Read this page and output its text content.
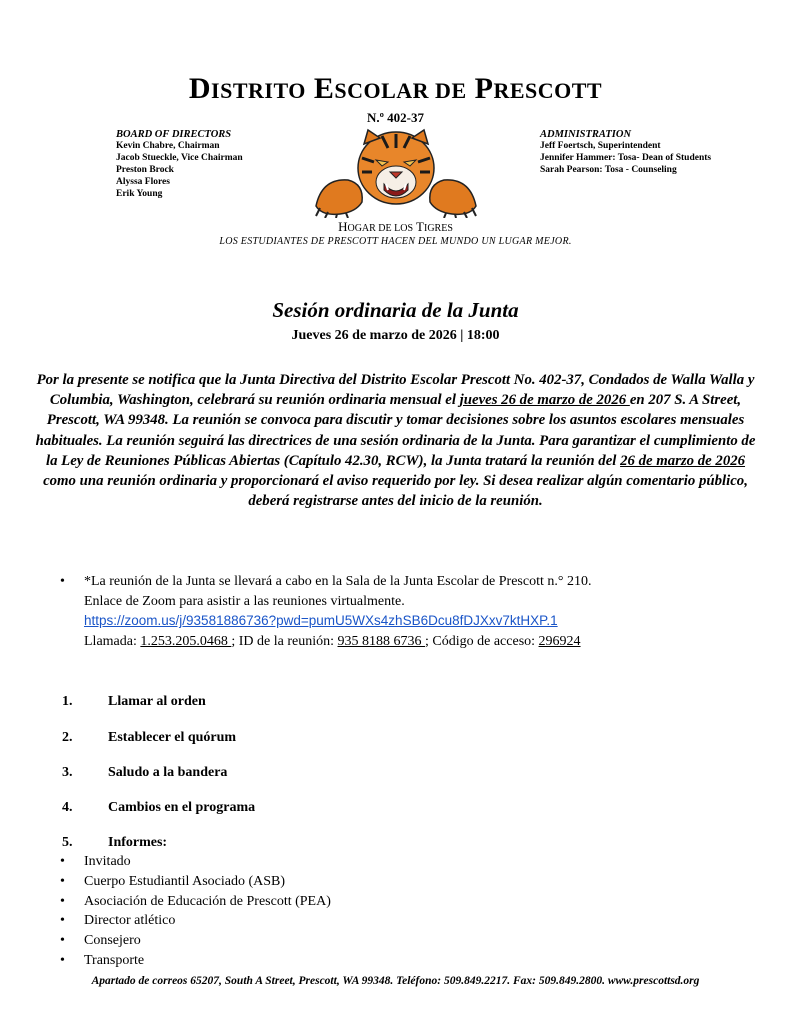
DISTRITO ESCOLAR DE PRESCOTT
N.º 402-37
BOARD OF DIRECTORS
Kevin Chabre, Chairman
Jacob Stueckle, Vice Chairman
Preston Brock
Alyssa Flores
Erik Young
ADMINISTRATION
Jeff Foertsch, Superintendent
Jennifer Hammer: Tosa- Dean of Students
Sarah Pearson: Tosa - Counseling
HOGAR DE LOS TIGRES
LOS ESTUDIANTES DE PRESCOTT HACEN DEL MUNDO UN LUGAR MEJOR.
Sesión ordinaria de la Junta
Jueves 26 de marzo de 2026 | 18:00
Por la presente se notifica que la Junta Directiva del Distrito Escolar Prescott No. 402-37, Condados de Walla Walla y Columbia, Washington, celebrará su reunión ordinaria mensual el jueves 26 de marzo de 2026 en 207 S. A Street, Prescott, WA 99348. La reunión se convoca para discutir y tomar decisiones sobre los asuntos escolares mensuales habituales. La reunión seguirá las directrices de una sesión ordinaria de la Junta. Para garantizar el cumplimiento de la Ley de Reuniones Públicas Abiertas (Capítulo 42.30, RCW), la Junta tratará la reunión del 26 de marzo de 2026 como una reunión ordinaria y proporcionará el aviso requerido por ley. Si desea realizar algún comentario público, deberá registrarse antes del inicio de la reunión.
• *La reunión de la Junta se llevará a cabo en la Sala de la Junta Escolar de Prescott n.° 210.
Enlace de Zoom para asistir a las reuniones virtualmente.
https://zoom.us/j/93581886736?pwd=pumU5WXs4zhSB6Dcu8fDJXxv7ktHXP.1
Llamada: 1.253.205.0468 ; ID de la reunión: 935 8188 6736 ; Código de acceso: 296924
1.	Llamar al orden
2.	Establecer el quórum
3.	Saludo a la bandera
4.	Cambios en el programa
5.	Informes:
• Invitado
• Cuerpo Estudiantil Asociado (ASB)
• Asociación de Educación de Prescott (PEA)
• Director atlético
• Consejero
• Transporte
Apartado de correos 65207, South A Street, Prescott, WA 99348. Teléfono: 509.849.2217. Fax: 509.849.2800. www.prescottsd.org
